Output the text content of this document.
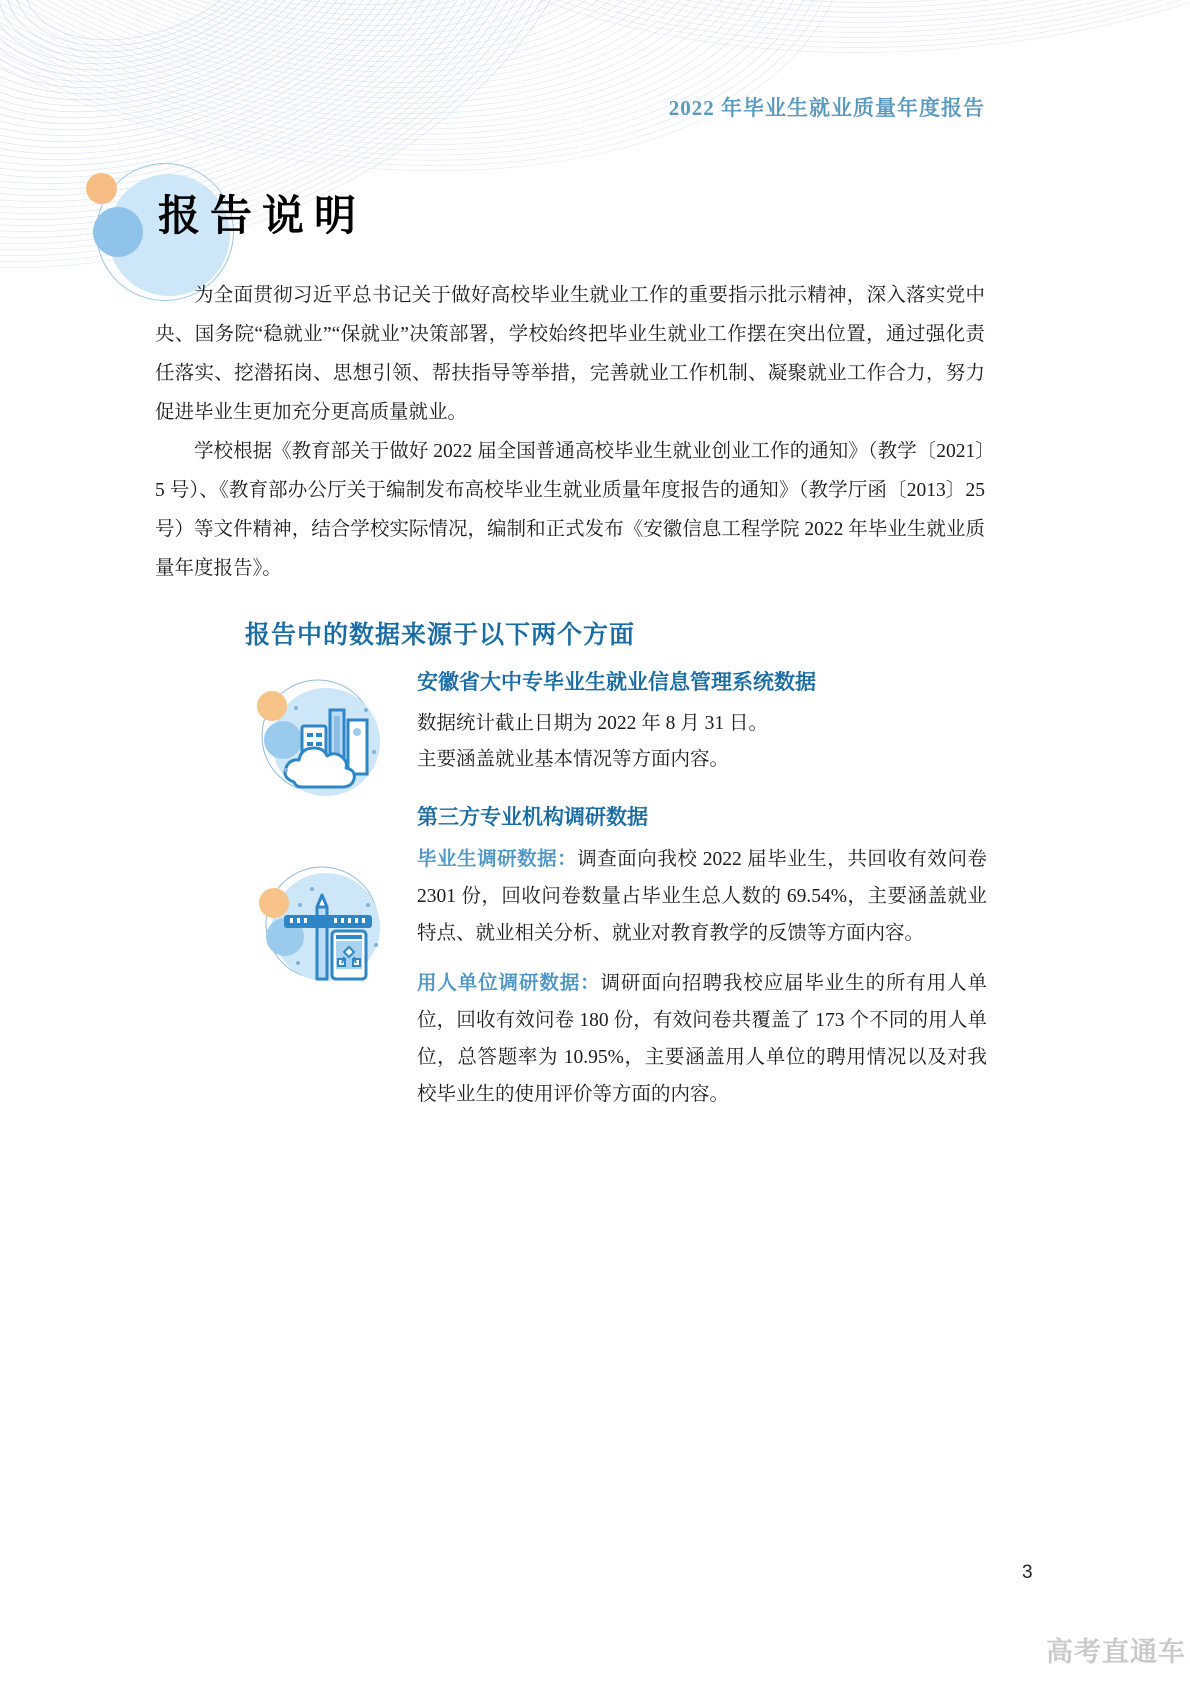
2022 年毕业生就业质量年度报告
报告说明

为全面贯彻习近平总书记关于做好高校毕业生就业工作的重要指示批示精神，深入落实党中央、国务院“稳就业”“保就业”决策部署，学校始终把毕业生就业工作摆在突出位置，通过强化责任落实、挖潜拓岗、思想引领、帮扶指导等举措，完善就业工作机制、凝聚就业工作合力，努力促进毕业生更加充分更高质量就业。

学校根据《教育部关于做好 2022 届全国普通高校毕业生就业创业工作的通知》（教学〔2021〕5 号）、《教育部办公厅关于编制发布高校毕业生就业质量年度报告的通知》（教学厅函〔2013〕25 号）等文件精神，结合学校实际情况，编制和正式发布《安徽信息工程学院 2022 年毕业生就业质量年度报告》。

报告中的数据来源于以下两个方面
安徽省大中专毕业生就业信息管理系统数据

数据统计截止日期为 2022 年 8 月 31 日。

主要涵盖就业基本情况等方面内容。

第三方专业机构调研数据

毕业生调研数据：调查面向我校 2022 届毕业生，共回收有效问卷 2301 份，回收问卷数量占毕业生总人数的 69.54%，主要涵盖就业特点、就业相关分析、就业对教育教学的反馈等方面内容。

用人单位调研数据：调研面向招聘我校应届毕业生的所有用人单位，回收有效问卷 180 份，有效问卷共覆盖了 173 个不同的用人单位，总答题率为 10.95%，主要涵盖用人单位的聘用情况以及对我校毕业生的使用评价等方面的内容。

3
高考直通车
